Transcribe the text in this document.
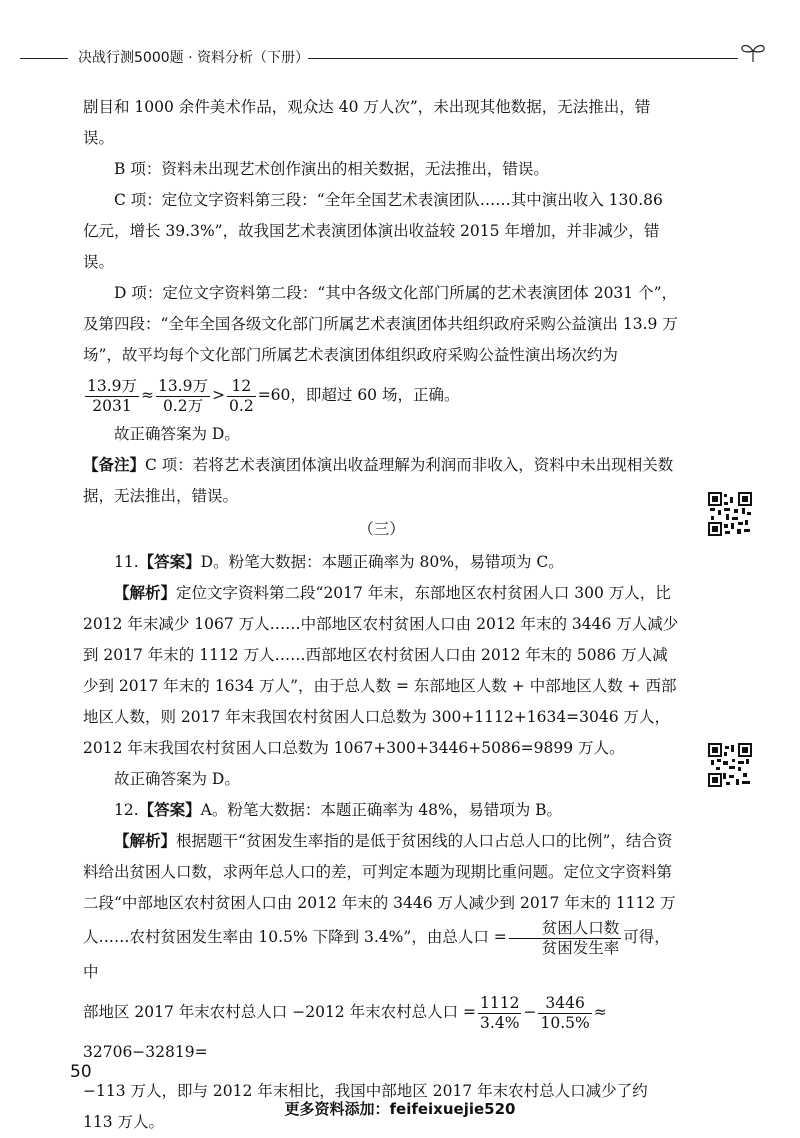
决战行测5000题 · 资料分析（下册）

剧目和 1000 余件美术作品，观众达 40 万人次”，未出现其他数据，无法推出，错误。

B 项：资料未出现艺术创作演出的相关数据，无法推出，错误。

C 项：定位文字资料第三段：“全年全国艺术表演团队……其中演出收入 130.86 亿元，增长 39.3%”，故我国艺术表演团体演出收益较 2015 年增加，并非减少，错误。

D 项：定位文字资料第二段：“其中各级文化部门所属的艺术表演团体 2031 个”，及第四段：“全年全国各级文化部门所属艺术表演团体共组织政府采购公益演出 13.9 万场”，故平均每个文化部门所属艺术表演团体组织政府采购公益性演出场次约为

$\frac{\text{13.9万}}{2031} \approx \frac{\text{13.9万}}{\text{0.2万}} > \frac{12}{0.2} =60$，即超过 60 场，正确。

故正确答案为 D。

【备注】C 项：若将艺术表演团体演出收益理解为利润而非收入，资料中未出现相关数据，无法推出，错误。

（三）

11.【答案】D。粉笔大数据：本题正确率为 80%，易错项为 C。

【解析】定位文字资料第二段“2017 年末，东部地区农村贫困人口 300 万人，比 2012 年末减少 1067 万人……中部地区农村贫困人口由 2012 年末的 3446 万人减少到 2017 年末的 1112 万人……西部地区农村贫困人口由 2012 年末的 5086 万人减少到 2017 年末的 1634 万人”，由于总人数 = 东部地区人数 + 中部地区人数 + 西部地区人数，则 2017 年末我国农村贫困人口总数为 300+1112+1634=3046 万人，2012 年末我国农村贫困人口总数为 1067+300+3446+5086=9899 万人。

故正确答案为 D。

12.【答案】A。粉笔大数据：本题正确率为 48%，易错项为 B。

【解析】根据题干“贫困发生率指的是低于贫困线的人口占总人口的比例”，结合资料给出贫困人口数，求两年总人口的差，可判定本题为现期比重问题。定位文字资料第二段“中部地区农村贫困人口由 2012 年末的 3446 万人减少到 2017 年末的 1112 万人……农村贫困发生率由 10.5% 下降到 3.4%”，由总人口 = $\frac{\text{贫困人口数}}{\text{贫困发生率}}$ 可得，中

部地区 2017 年末农村总人口 −2012 年末农村总人口 = $\frac{1112}{3.4\%} - \frac{3446}{10.5\%} \approx 32706-32819=$

−113 万人，即与 2012 年末相比，我国中部地区 2017 年末农村总人口减少了约 113 万人。

50
更多资料添加：feifeixuejie520
